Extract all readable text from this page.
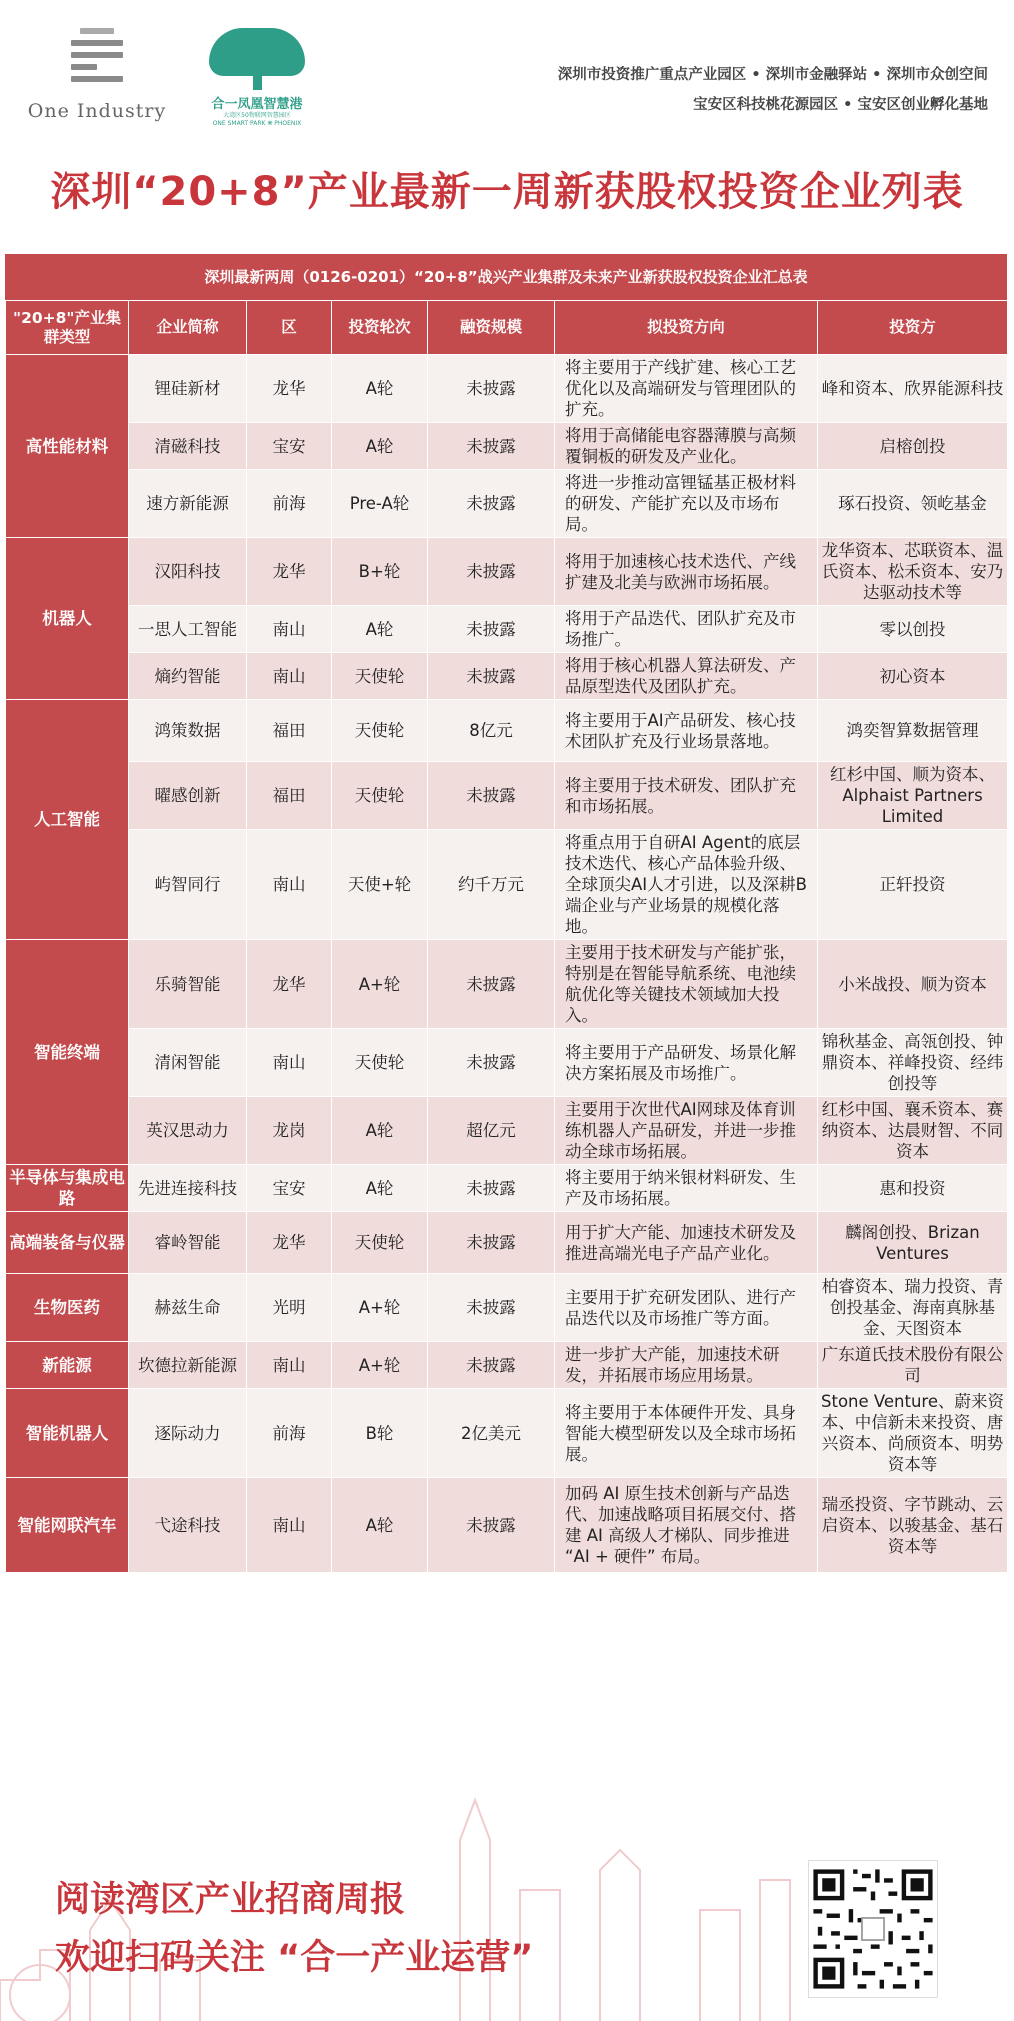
One Industry	合一凤凰智慧港
大湾区50物联网智慧园区
ONE SMART PARK ❋ PHOENIX
深圳市投资推广重点产业园区 • 深圳市金融驿站 • 深圳市众创空间
宝安区科技桃花源园区 • 宝安区创业孵化基地
深圳“20+8”产业最新一周新获股权投资企业列表
深圳最新两周（0126-0201）“20+8”战兴产业集群及未来产业新获股权投资企业汇总表
"20+8"产业集群类型	企业简称	区	投资轮次	融资规模	拟投资方向	投资方
高性能材料	锂硅新材	龙华	A轮	未披露	将主要用于产线扩建、核心工艺优化以及高端研发与管理团队的扩充。	峰和资本、欣界能源科技
	清磁科技	宝安	A轮	未披露	将用于高储能电容器薄膜与高频覆铜板的研发及产业化。	启榕创投
	速方新能源	前海	Pre-A轮	未披露	将进一步推动富锂锰基正极材料的研发、产能扩充以及市场布局。	琢石投资、领屹基金
机器人	汉阳科技	龙华	B+轮	未披露	将用于加速核心技术迭代、产线扩建及北美与欧洲市场拓展。	龙华资本、芯联资本、温氏资本、松禾资本、安乃达驱动技术等
	一思人工智能	南山	A轮	未披露	将用于产品迭代、团队扩充及市场推广。	零以创投
	熵约智能	南山	天使轮	未披露	将用于核心机器人算法研发、产品原型迭代及团队扩充。	初心资本
人工智能	鸿策数据	福田	天使轮	8亿元	将主要用于AI产品研发、核心技术团队扩充及行业场景落地。	鸿奕智算数据管理
	曜感创新	福田	天使轮	未披露	将主要用于技术研发、团队扩充和市场拓展。	红杉中国、顺为资本、Alphaist Partners Limited
	屿智同行	南山	天使+轮	约千万元	将重点用于自研AI Agent的底层技术迭代、核心产品体验升级、全球顶尖AI人才引进，以及深耕B端企业与产业场景的规模化落地。	正轩投资
智能终端	乐骑智能	龙华	A+轮	未披露	主要用于技术研发与产能扩张，特别是在智能导航系统、电池续航优化等关键技术领域加大投入。	小米战投、顺为资本
	清闲智能	南山	天使轮	未披露	将主要用于产品研发、场景化解决方案拓展及市场推广。	锦秋基金、高瓴创投、钟鼎资本、祥峰投资、经纬创投等
	英汉思动力	龙岗	A轮	超亿元	主要用于次世代AI网球及体育训练机器人产品研发，并进一步推动全球市场拓展。	红杉中国、襄禾资本、赛纳资本、达晨财智、不同资本
半导体与集成电路	先进连接科技	宝安	A轮	未披露	将主要用于纳米银材料研发、生产及市场拓展。	惠和投资
高端装备与仪器	睿岭智能	龙华	天使轮	未披露	用于扩大产能、加速技术研发及推进高端光电子产品产业化。	麟阁创投、Brizan Ventures
生物医药	赫兹生命	光明	A+轮	未披露	主要用于扩充研发团队、进行产品迭代以及市场推广等方面。	柏睿资本、瑞力投资、青创投基金、海南真脉基金、天图资本
新能源	坎德拉新能源	南山	A+轮	未披露	进一步扩大产能，加速技术研发，并拓展市场应用场景。	广东道氏技术股份有限公司
智能机器人	逐际动力	前海	B轮	2亿美元	将主要用于本体硬件开发、具身智能大模型研发以及全球市场拓展。	Stone Venture、蔚来资本、中信新未来投资、唐兴资本、尚颀资本、明势资本等
智能网联汽车	弋途科技	南山	A轮	未披露	加码 AI 原生技术创新与产品迭代、加速战略项目拓展交付、搭建 AI 高级人才梯队、同步推进 “AI + 硬件” 布局。	瑞丞投资、字节跳动、云启资本、以骏基金、基石资本等
阅读湾区产业招商周报
欢迎扫码关注 “合一产业运营”
